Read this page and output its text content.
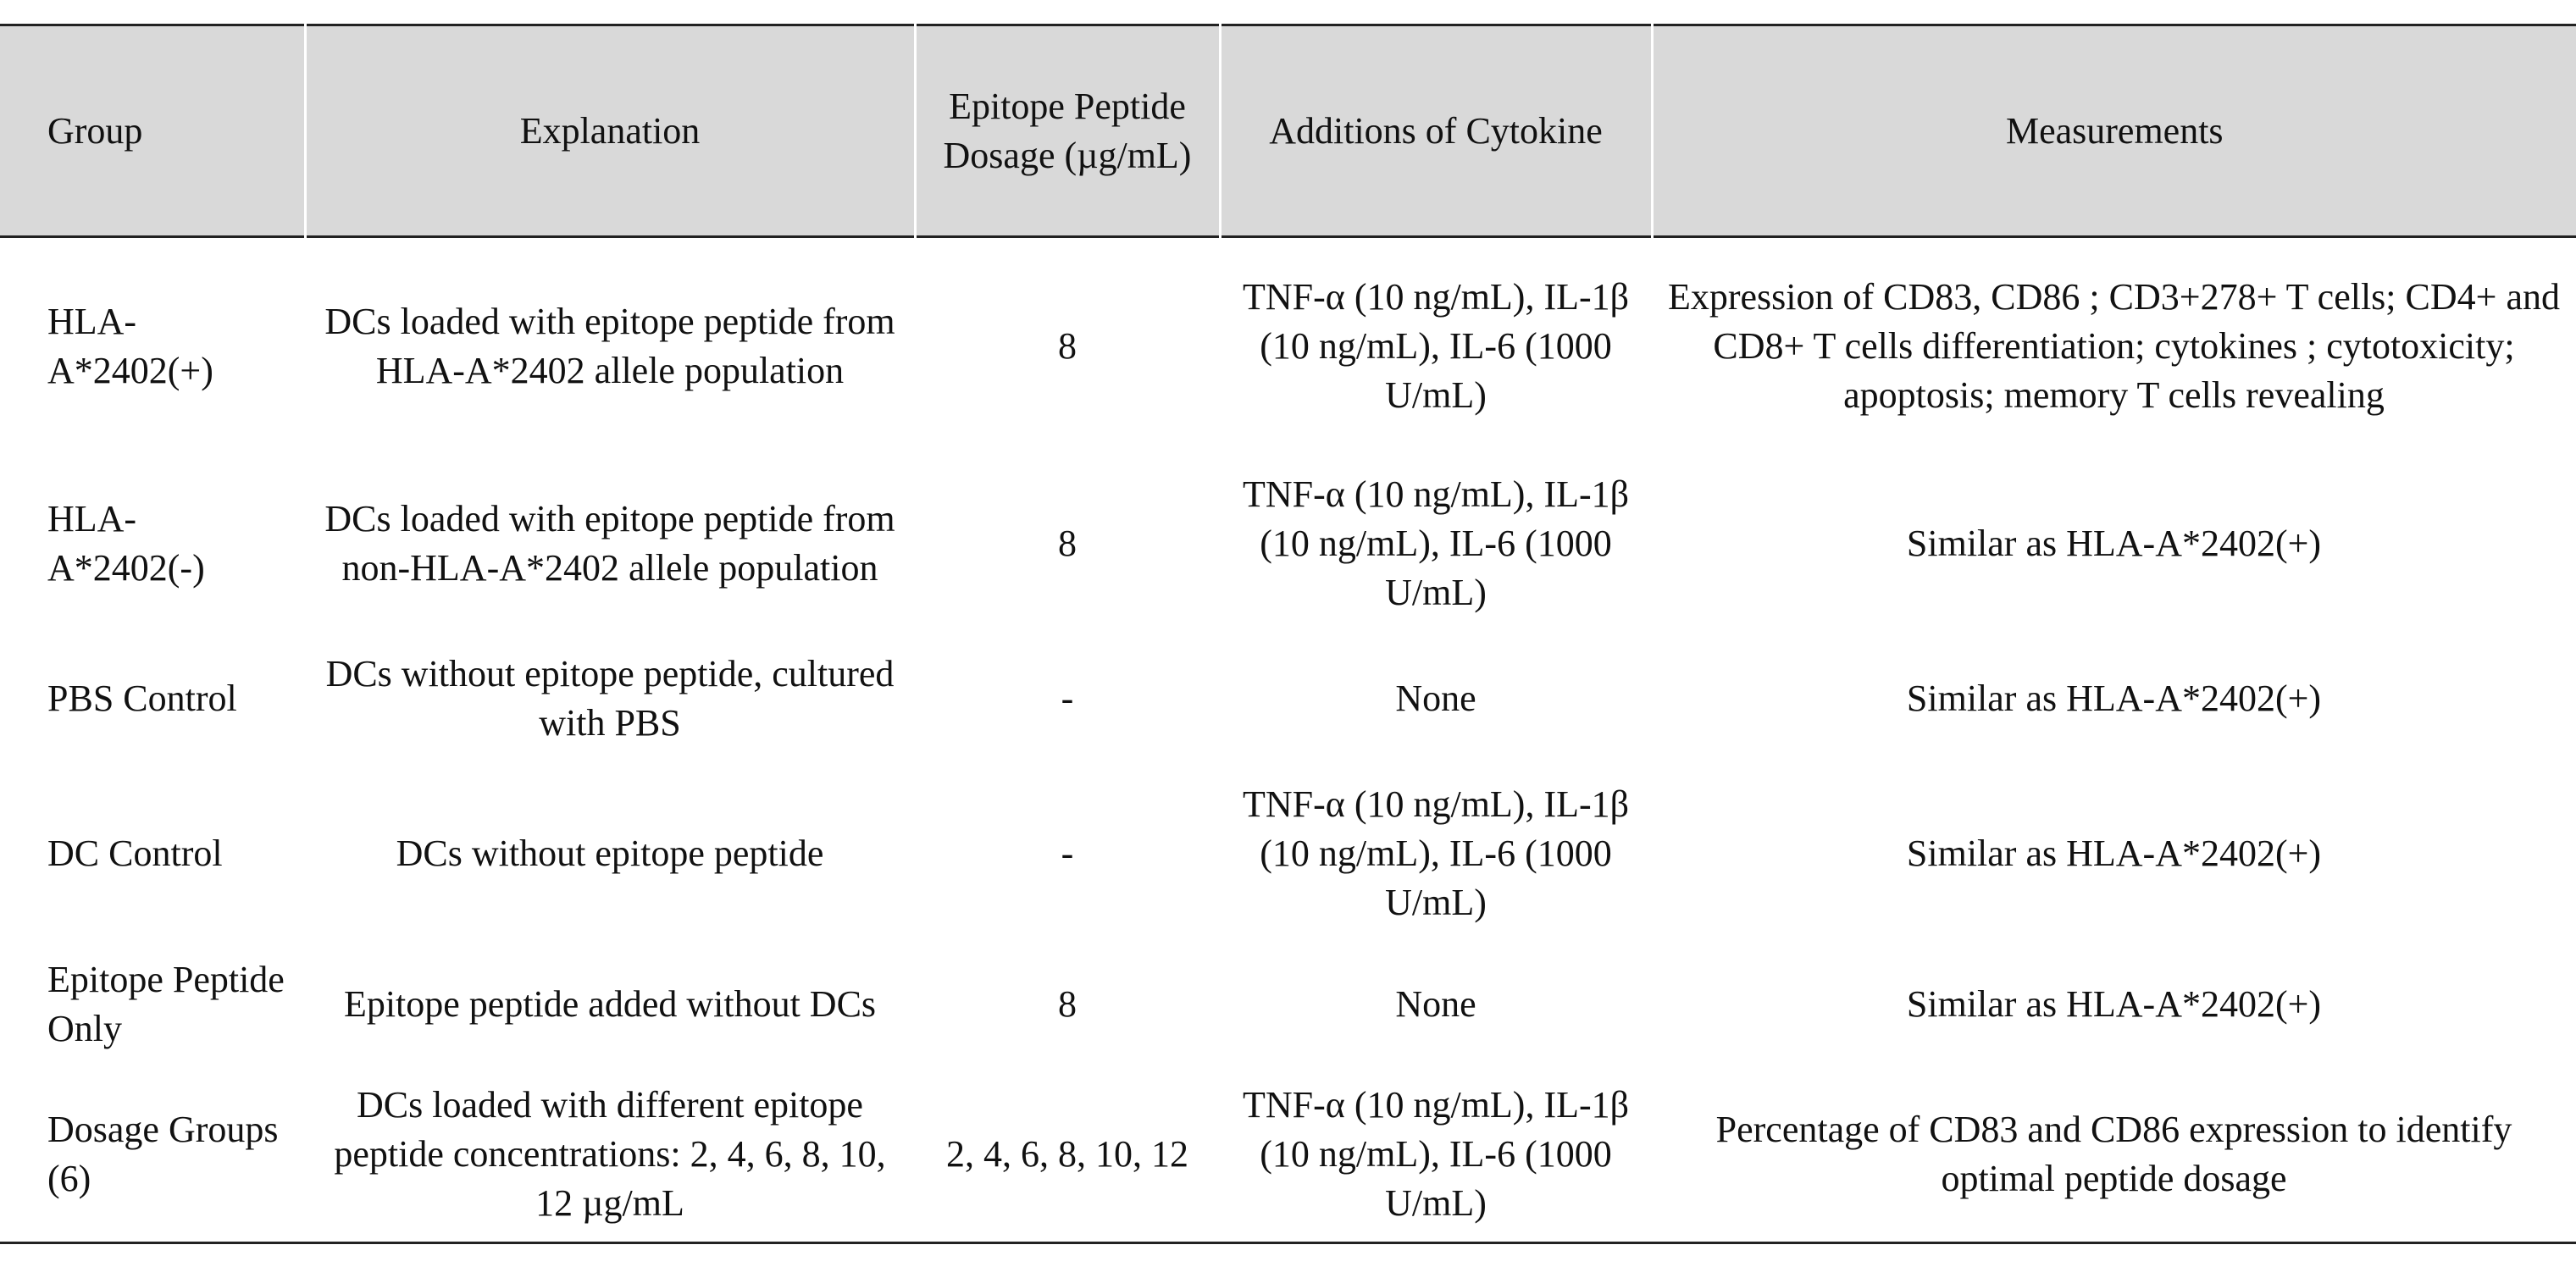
Group	Explanation	Epitope Peptide Dosage (µg/mL)	Additions of Cytokine	Measurements
HLA-A*2402(+)	DCs loaded with epitope peptide from HLA-A*2402 allele population	8	TNF-α (10 ng/mL), IL-1β (10 ng/mL), IL-6 (1000 U/mL)	Expression of CD83, CD86 ; CD3+278+ T cells; CD4+ and CD8+ T cells differentiation; cytokines ; cytotoxicity; apoptosis; memory T cells revealing
HLA-A*2402(-)	DCs loaded with epitope peptide from non-HLA-A*2402 allele population	8	TNF-α (10 ng/mL), IL-1β (10 ng/mL), IL-6 (1000 U/mL)	Similar as HLA-A*2402(+)
PBS Control	DCs without epitope peptide, cultured with PBS	-	None	Similar as HLA-A*2402(+)
DC Control	DCs without epitope peptide	-	TNF-α (10 ng/mL), IL-1β (10 ng/mL), IL-6 (1000 U/mL)	Similar as HLA-A*2402(+)
Epitope Peptide Only	Epitope peptide added without DCs	8	None	Similar as HLA-A*2402(+)
Dosage Groups (6)	DCs loaded with different epitope peptide concentrations: 2, 4, 6, 8, 10, 12 µg/mL	2, 4, 6, 8, 10, 12	TNF-α (10 ng/mL), IL-1β (10 ng/mL), IL-6 (1000 U/mL)	Percentage of CD83 and CD86 expression to identify optimal peptide dosage
